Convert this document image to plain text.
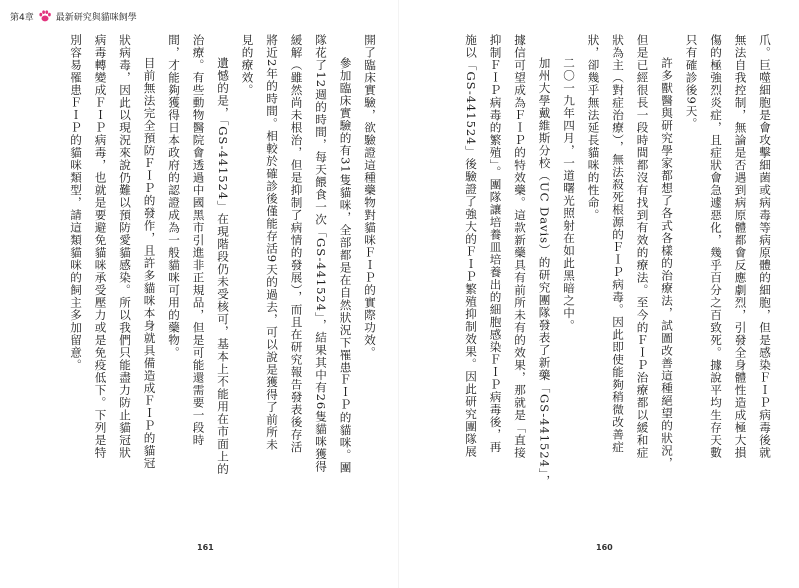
第4章 最新研究與貓咪飼學

開了臨床實驗，欲驗證這種藥物對貓咪ＦＩＰ的實際功效。

參加臨床實驗的有31隻貓咪，全部都是在自然狀況下罹患ＦＩＰ的貓咪。團

隊花了12週的時間，每天餵食一次「GS-441524」，結果其中有26隻貓咪獲得

緩解（雖然尚未根治，但是抑制了病情的發展），而且在研究報告發表後存活

將近2年的時間。相較於確診後僅能存活9天的過去，可以說是獲得了前所未

見的療效。

遺憾的是，「GS-441524」在現階段仍未受核可，基本上不能用在市面上的

治療。有些動物醫院會透過中國黑市引進非正規品，但是可能還需要一段時

間，才能夠獲得日本政府的認證成為一般貓咪可用的藥物。

目前無法完全預防ＦＩＰ的發作，且許多貓咪本身就具備造成ＦＩＰ的貓冠

狀病毒，因此以現況來說仍難以預防愛貓感染。所以我們只能盡力防止貓冠狀

病毒轉變成ＦＩＰ病毒，也就是要避免貓咪承受壓力或是免疫低下。下列是特

別容易罹患ＦＩＰ的貓咪類型，請這類貓咪的飼主多加留意。	爪。巨噬細胞是會攻擊細菌或病毒等病原體的細胞，但是感染ＦＩＰ病毒後就

無法自我控制，無論是否遇到病原體都會反應劇烈，引發全身體性造成極大損

傷的極強烈炎症，且症狀會急遽惡化，幾乎百分之百致死。據說平均生存天數

只有確診後9天。

許多獸醫與研究學家都想了各式各樣的治療法，試圖改善這種絕望的狀況，

但是已經很長一段時間都沒有找到有效的療法。至今的ＦＩＰ治療都以緩和症

狀為主（對症治療），無法殺死根源的ＦＩＰ病毒。因此即使能夠稍微改善症

狀，卻幾乎無法延長貓咪的性命。

二〇一九年四月，一道曙光照射在如此黑暗之中。

加州大學戴維斯分校（UC Davis）的研究團隊發表了新藥「GS-441524」，

據信可望成為ＦＩＰ的特效藥。這款新藥具有前所未有的效果，那就是「直接

抑制ＦＩＰ病毒的繁殖」。團隊讓培養皿培養出的細胞感染ＦＩＰ病毒後，再

施以「GS-441524」後驗證了強大的ＦＩＰ繁殖抑制效果。因此研究團隊展

161	160
